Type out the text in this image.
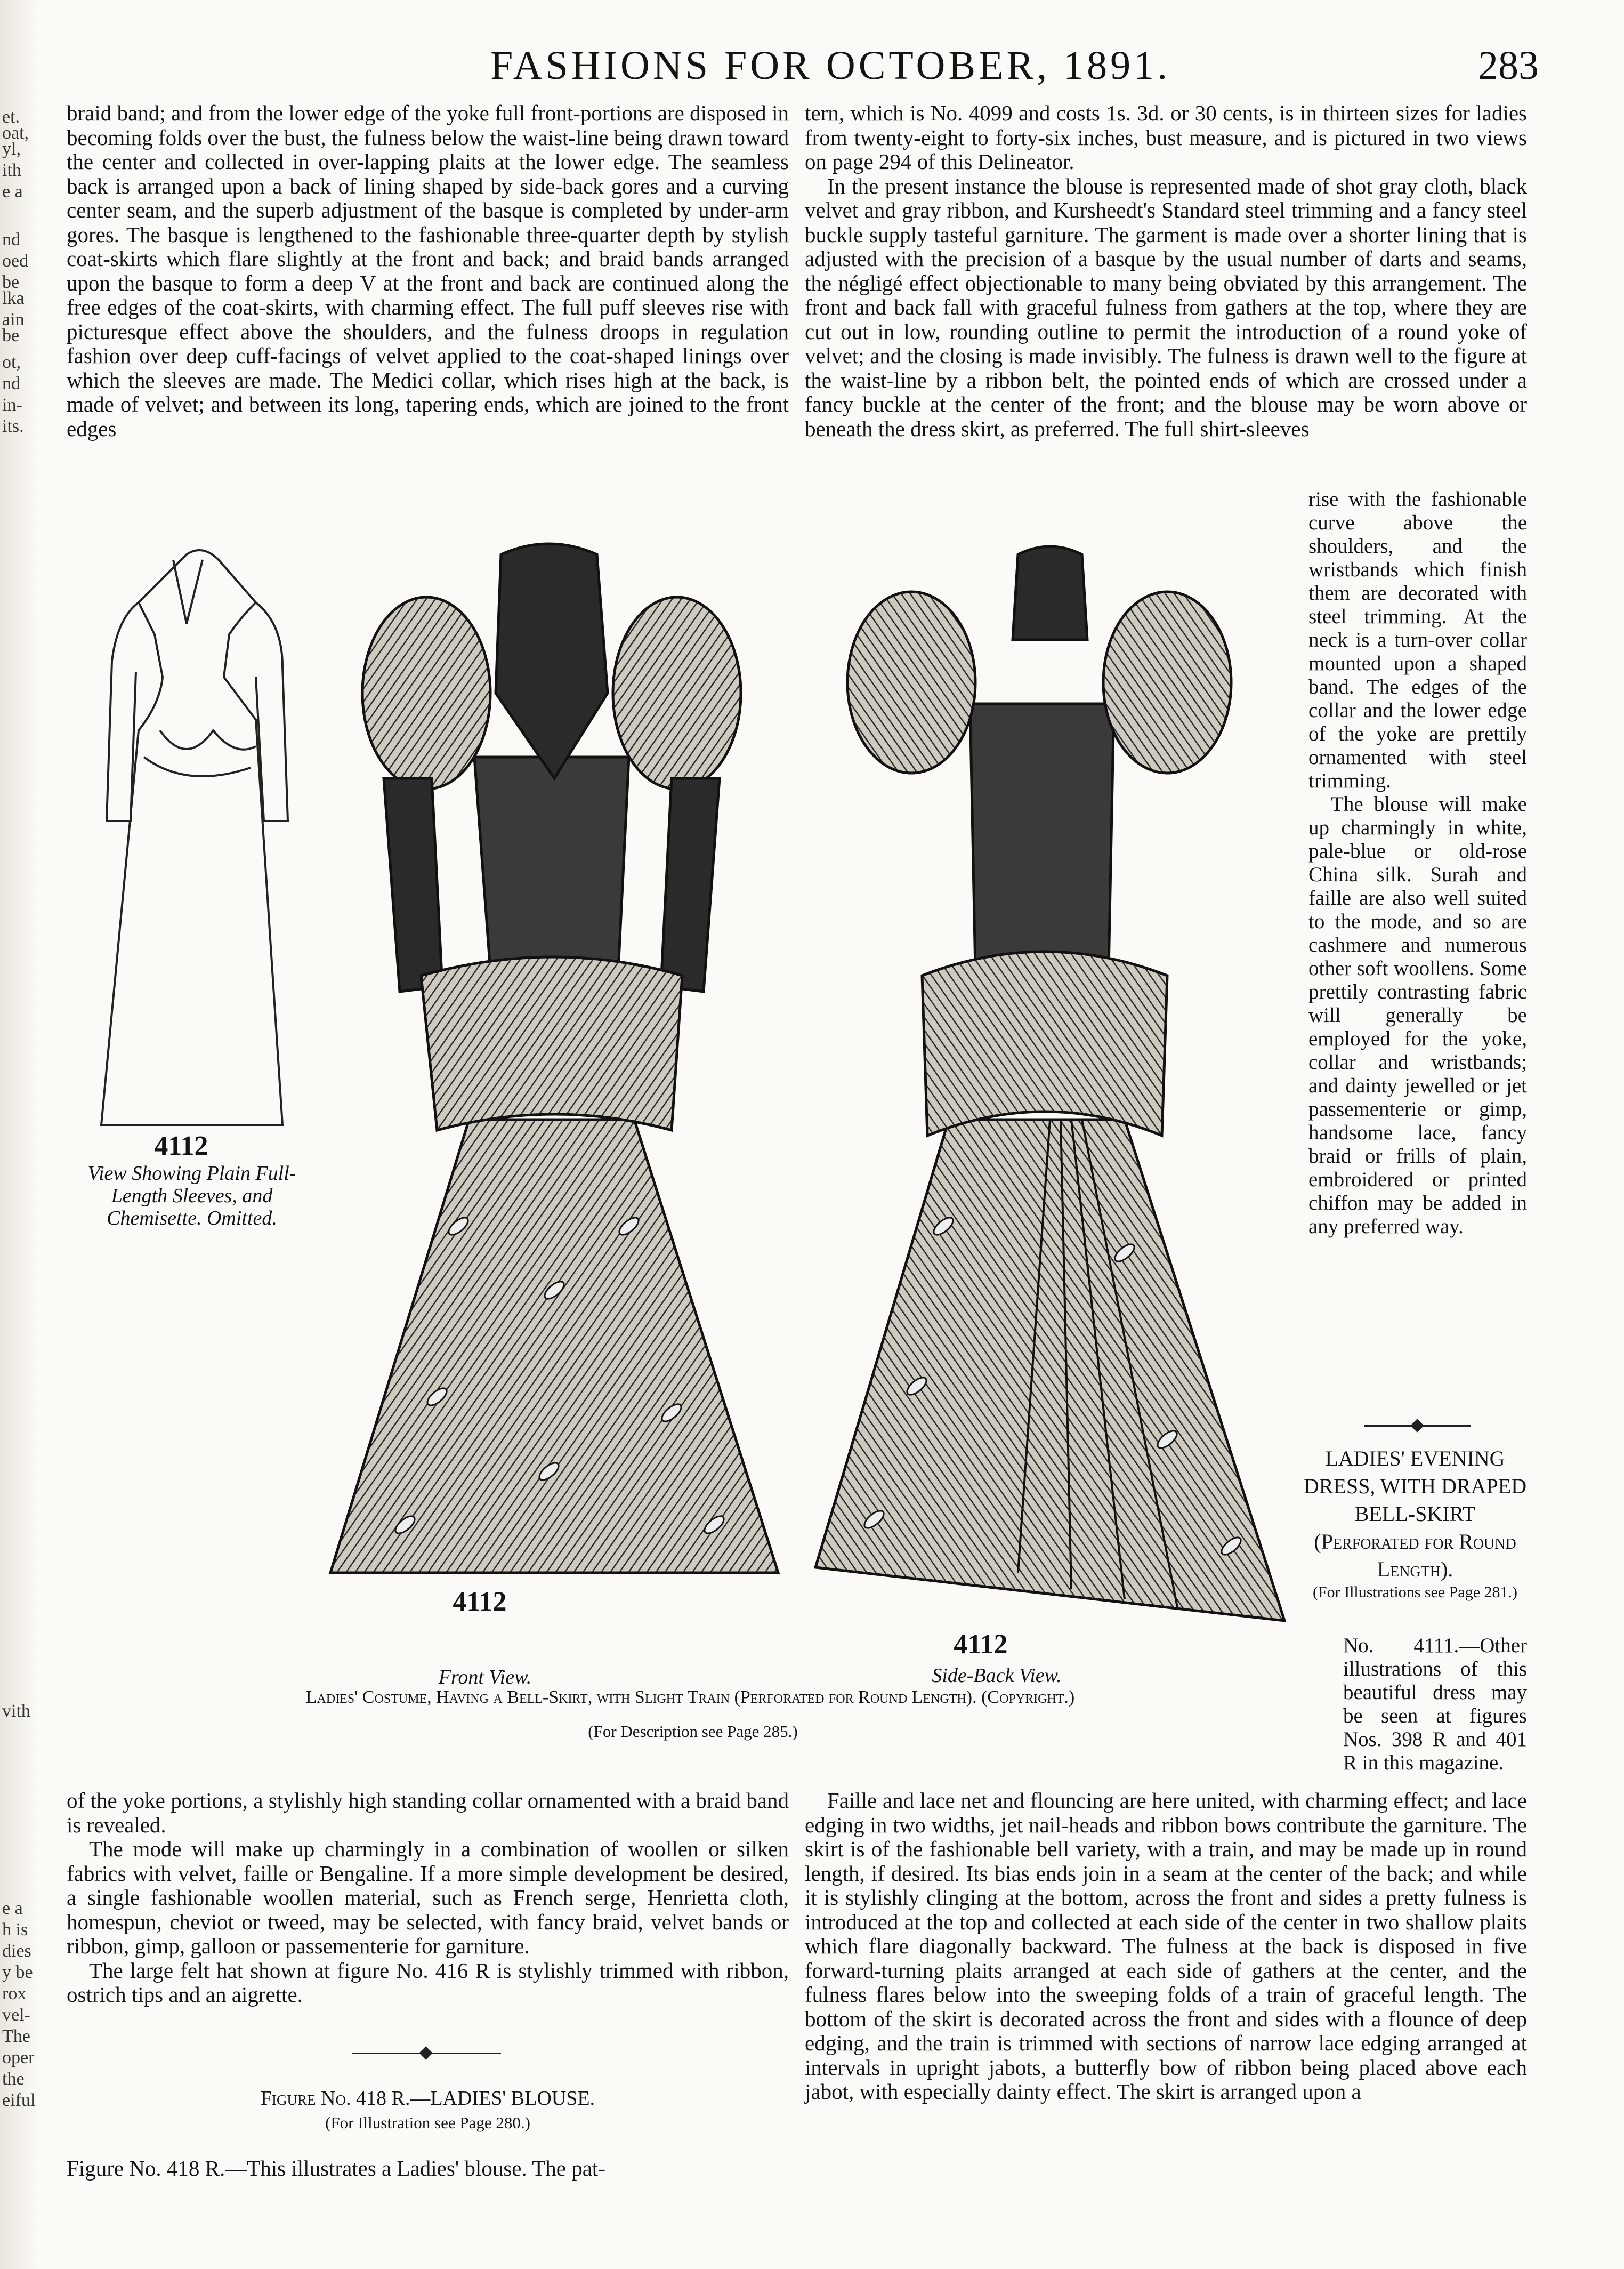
et.
oat,
yl,
ith
e a
nd
oed
be
lka
ain
be
ot,
nd
in-
its.
vith
e a
h is
dies
y be
rox
vel-
The
oper
the
eiful
FASHIONS FOR OCTOBER, 1891.	283

braid band; and from the lower edge of the yoke full front-portions are disposed in becoming folds over the bust, the fulness below the waist-line being drawn toward the center and collected in over-lapping plaits at the lower edge. The seamless back is arranged upon a back of lining shaped by side-back gores and a curving center seam, and the superb adjustment of the basque is completed by under-arm gores. The basque is lengthened to the fashionable three-quarter depth by stylish coat-skirts which flare slightly at the front and back; and braid bands arranged upon the basque to form a deep V at the front and back are continued along the free edges of the coat-skirts, with charming effect. The full puff sleeves rise with picturesque effect above the shoulders, and the fulness droops in regulation fashion over deep cuff-facings of velvet applied to the coat-shaped linings over which the sleeves are made. The Medici collar, which rises high at the back, is made of velvet; and between its long, tapering ends, which are joined to the front edges

tern, which is No. 4099 and costs 1s. 3d. or 30 cents, is in thirteen sizes for ladies from twenty-eight to forty-six inches, bust measure, and is pictured in two views on page 294 of this Delineator.

In the present instance the blouse is represented made of shot gray cloth, black velvet and gray ribbon, and Kursheedt's Standard steel trimming and a fancy steel buckle supply tasteful garniture. The garment is made over a shorter lining that is adjusted with the precision of a basque by the usual number of darts and seams, the négligé effect objectionable to many being obviated by this arrangement. The front and back fall with graceful fulness from gathers at the top, where they are cut out in low, rounding outline to permit the introduction of a round yoke of velvet; and the closing is made invisibly. The fulness is drawn well to the figure at the waist-line by a ribbon belt, the pointed ends of which are crossed under a fancy buckle at the center of the front; and the blouse may be worn above or beneath the dress skirt, as preferred. The full shirt-sleeves

rise with the fashionable curve above the shoulders, and the wristbands which finish them are decorated with steel trimming. At the neck is a turn-over collar mounted upon a shaped band. The edges of the collar and the lower edge of the yoke are prettily ornamented with steel trimming.

The blouse will make up charmingly in white, pale-blue or old-rose China silk. Surah and faille are also well suited to the mode, and so are cashmere and numerous other soft woollens. Some prettily contrasting fabric will generally be employed for the yoke, collar and wristbands; and dainty jewelled or jet passementerie or gimp, handsome lace, fancy braid or frills of plain, embroidered or printed chiffon may be added in any preferred way.

LADIES' EVENING DRESS, WITH DRAPED BELL-SKIRT
(Perforated for Round Length).
(For Illustrations see Page 281.)

No. 4111.—Other illustrations of this beautiful dress may be seen at figures Nos. 398 R and 401 R in this magazine.

4112
View Showing Plain Full-Length Sleeves, and Chemisette. Omitted.
4112
Front View.
4112
Side-Back View.
Ladies' Costume, Having a Bell-Skirt, with Slight Train (Perforated for Round Length). (Copyright.)
(For Description see Page 285.)

of the yoke portions, a stylishly high standing collar ornamented with a braid band is revealed.

The mode will make up charmingly in a combination of woollen or silken fabrics with velvet, faille or Bengaline. If a more simple development be desired, a single fashionable woollen material, such as French serge, Henrietta cloth, homespun, cheviot or tweed, may be selected, with fancy braid, velvet bands or ribbon, gimp, galloon or passementerie for garniture.

The large felt hat shown at figure No. 416 R is stylishly trimmed with ribbon, ostrich tips and an aigrette.

Figure No. 418 R.—LADIES' BLOUSE.
(For Illustration see Page 280.)

Figure No. 418 R.—This illustrates a Ladies' blouse. The pat-

Faille and lace net and flouncing are here united, with charming effect; and lace edging in two widths, jet nail-heads and ribbon bows contribute the garniture. The skirt is of the fashionable bell variety, with a train, and may be made up in round length, if desired. Its bias ends join in a seam at the center of the back; and while it is stylishly clinging at the bottom, across the front and sides a pretty fulness is introduced at the top and collected at each side of the center in two shallow plaits which flare diagonally backward. The fulness at the back is disposed in five forward-turning plaits arranged at each side of gathers at the center, and the fulness flares below into the sweeping folds of a train of graceful length. The bottom of the skirt is decorated across the front and sides with a flounce of deep edging, and the train is trimmed with sections of narrow lace edging arranged at intervals in upright jabots, a butterfly bow of ribbon being placed above each jabot, with especially dainty effect. The skirt is arranged upon a
